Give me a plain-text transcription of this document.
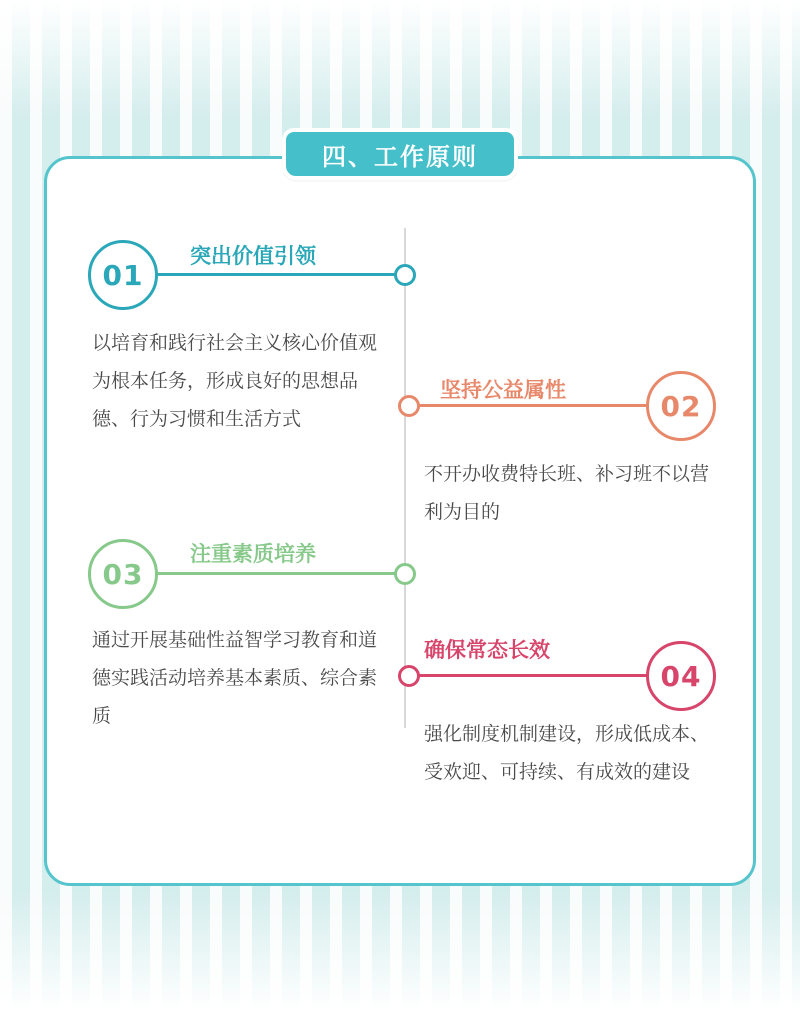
四、工作原则
01
突出价值引领
以培育和践行社会主义核心价值观为根本任务，形成良好的思想品德、行为习惯和生活方式	02
坚持公益属性
不开办收费特长班、补习班不以营利为目的
03
注重素质培养
通过开展基础性益智学习教育和道德实践活动培养基本素质、综合素质
04
确保常态长效
强化制度机制建设，形成低成本、受欢迎、可持续、有成效的建设
